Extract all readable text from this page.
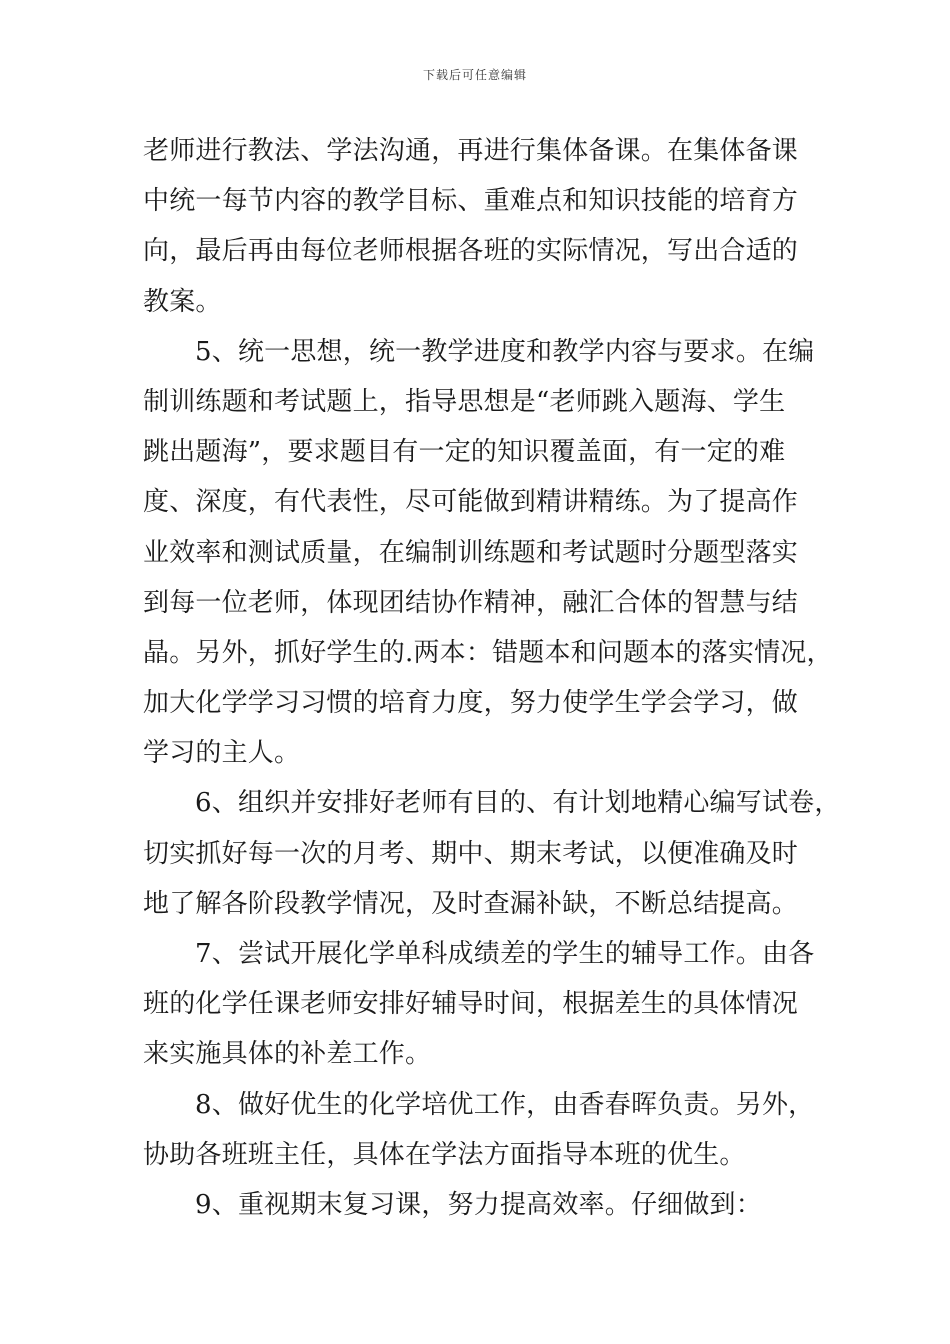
下载后可任意编辑
老师进行教法、学法沟通，再进行集体备课。在集体备课
中统一每节内容的教学目标、重难点和知识技能的培育方
向，最后再由每位老师根据各班的实际情况，写出合适的
教案。
5、统一思想，统一教学进度和教学内容与要求。在编
制训练题和考试题上，指导思想是“老师跳入题海、学生
跳出题海”，要求题目有一定的知识覆盖面，有一定的难
度、深度，有代表性，尽可能做到精讲精练。为了提高作
业效率和测试质量，在编制训练题和考试题时分题型落实
到每一位老师，体现团结协作精神，融汇合体的智慧与结
晶。另外，抓好学生的.两本：错题本和问题本的落实情况，
加大化学学习习惯的培育力度，努力使学生学会学习，做
学习的主人。
6、组织并安排好老师有目的、有计划地精心编写试卷，
切实抓好每一次的月考、期中、期末考试，以便准确及时
地了解各阶段教学情况，及时查漏补缺，不断总结提高。
7、尝试开展化学单科成绩差的学生的辅导工作。由各
班的化学任课老师安排好辅导时间，根据差生的具体情况
来实施具体的补差工作。
8、做好优生的化学培优工作，由香春晖负责。另外，
协助各班班主任，具体在学法方面指导本班的优生。
9、重视期末复习课，努力提高效率。仔细做到：
